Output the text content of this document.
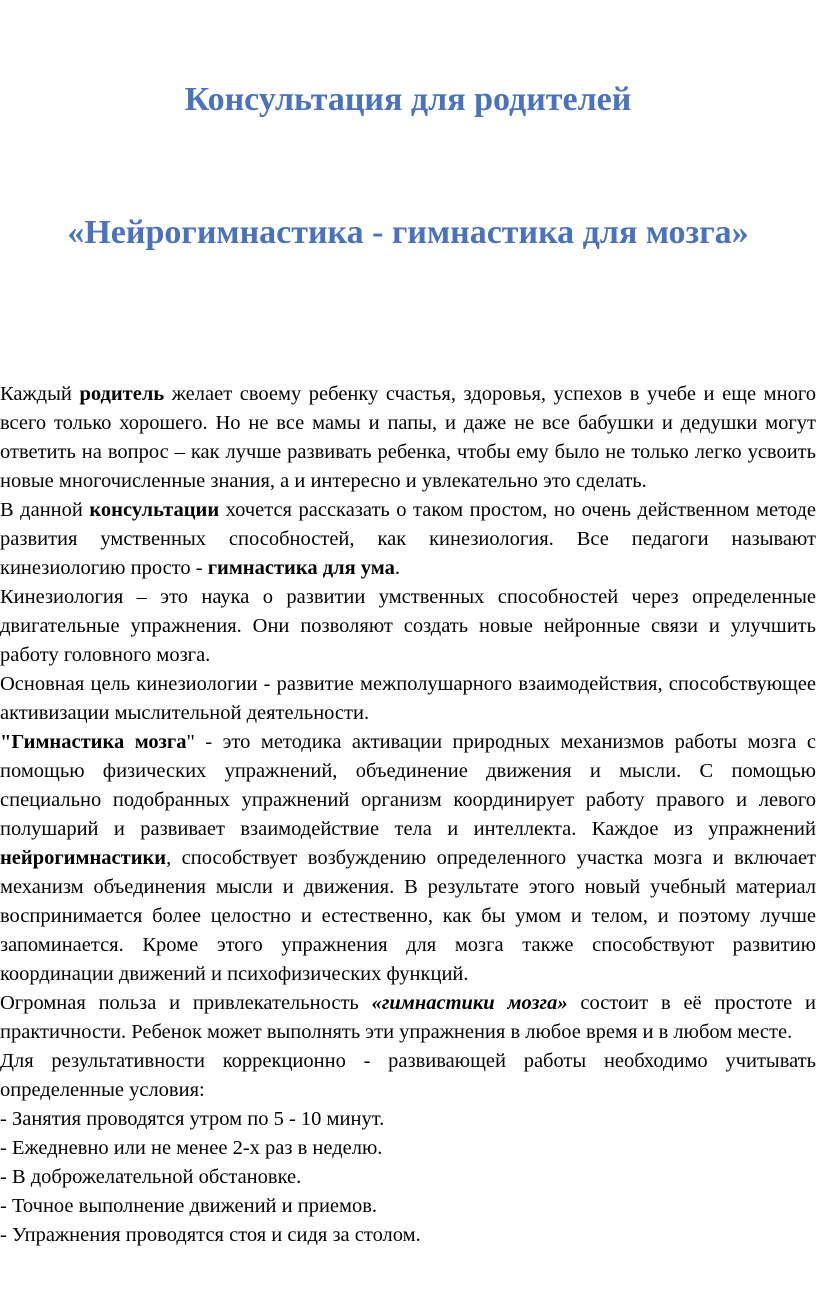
Консультация для родителей
«Нейрогимнастика - гимнастика для мозга»

Каждый родитель желает своему ребенку счастья, здоровья, успехов в учебе и еще много всего только хорошего. Но не все мамы и папы, и даже не все бабушки и дедушки могут ответить на вопрос – как лучше развивать ребенка, чтобы ему было не только легко усвоить новые многочисленные знания, а и интересно и увлекательно это сделать.

В данной консультации хочется рассказать о таком простом, но очень действенном методе развития умственных способностей, как кинезиология. Все педагоги называют кинезиологию просто - гимнастика для ума.

Кинезиология – это наука о развитии умственных способностей через определенные двигательные упражнения. Они позволяют создать новые нейронные связи и улучшить работу головного мозга.

Основная цель кинезиологии - развитие межполушарного взаимодействия, способствующее активизации мыслительной деятельности.

"Гимнастика мозга" - это методика активации природных механизмов работы мозга с помощью физических упражнений, объединение движения и мысли. С помощью специально подобранных упражнений организм координирует работу правого и левого полушарий и развивает взаимодействие тела и интеллекта. Каждое из упражнений нейрогимнастики, способствует возбуждению определенного участка мозга и включает механизм объединения мысли и движения. В результате этого новый учебный материал воспринимается более целостно и естественно, как бы умом и телом, и поэтому лучше запоминается. Кроме этого упражнения для мозга также способствуют развитию координации движений и психофизических функций.

Огромная польза и привлекательность «гимнастики мозга» состоит в её простоте и практичности. Ребенок может выполнять эти упражнения в любое время и в любом месте.

Для результативности коррекционно - развивающей работы необходимо учитывать определенные условия:

- Занятия проводятся утром по 5 - 10 минут.

- Ежедневно или не менее 2-х раз в неделю.

- В доброжелательной обстановке.

- Точное выполнение движений и приемов.

- Упражнения проводятся стоя и сидя за столом.
